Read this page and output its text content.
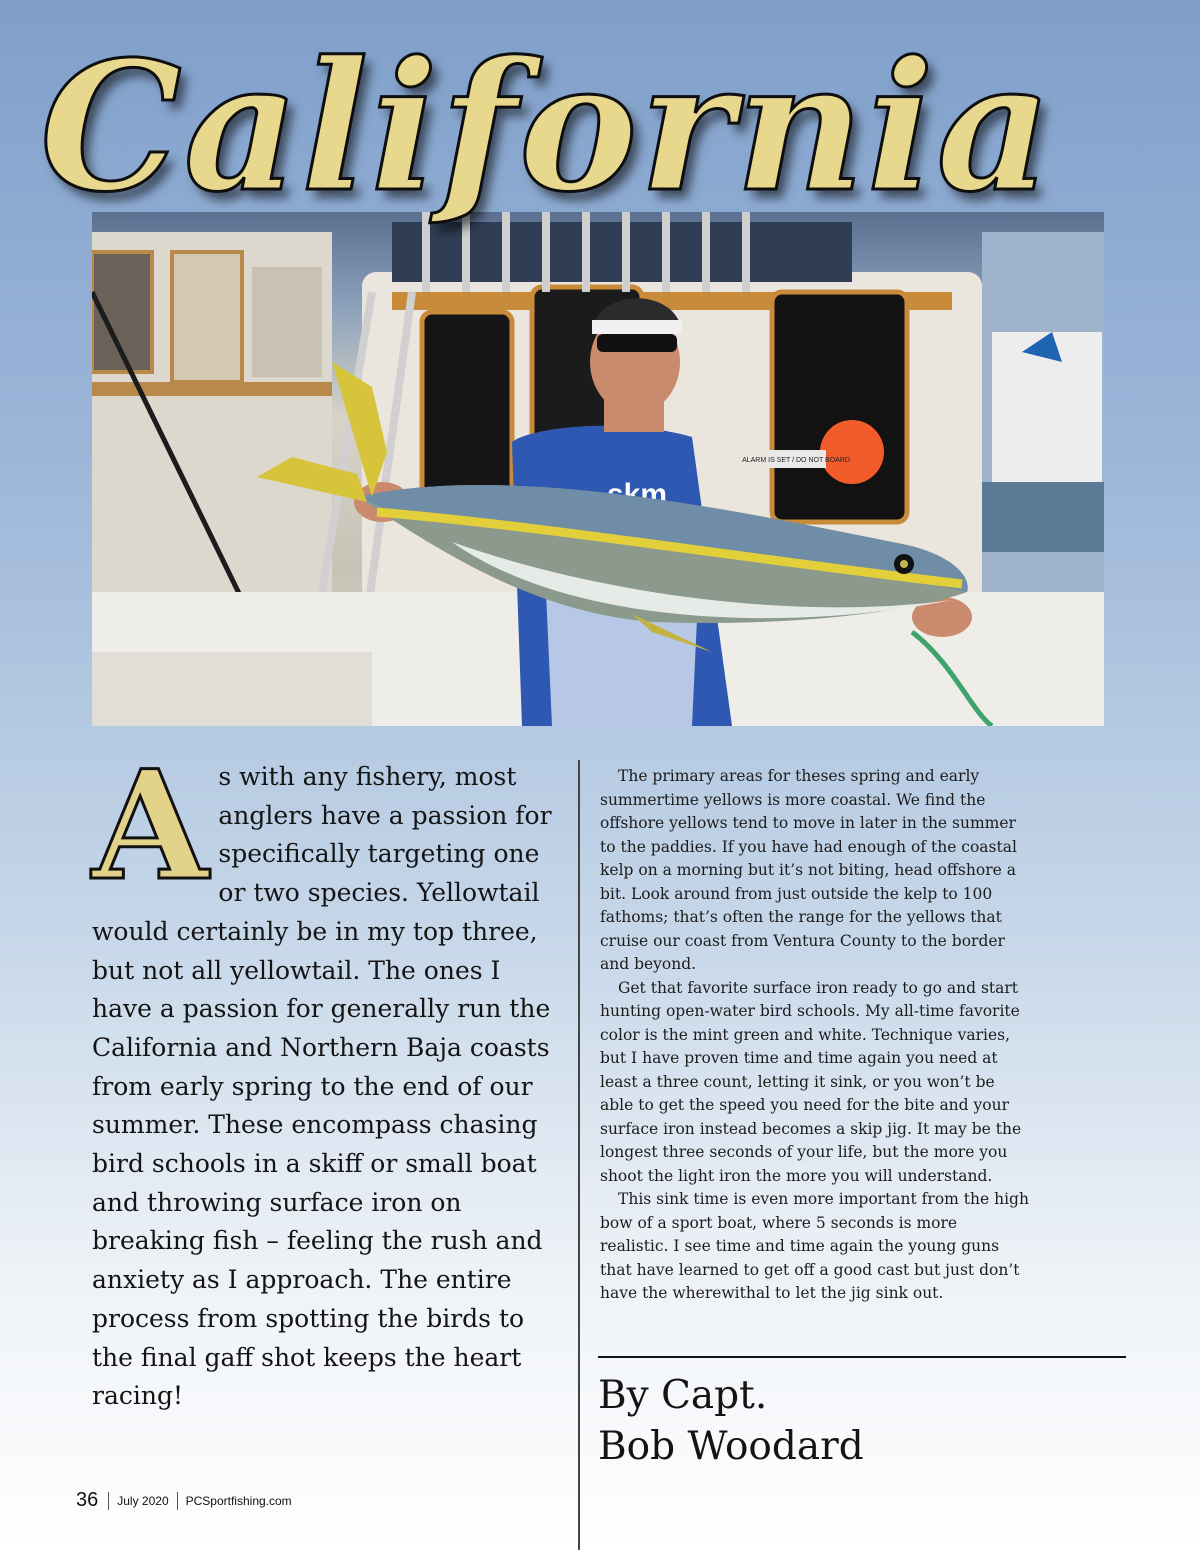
ALARM IS SET / DO NOT BOARD
skm
California

As with any fishery, most anglers have a passion for specifically targeting one or two species. Yellowtail would certainly be in my top three, but not all yellowtail. The ones I have a passion for generally run the California and Northern Baja coasts from early spring to the end of our summer. These encompass chasing bird schools in a skiff or small boat and throwing surface iron on breaking fish – feeling the rush and anxiety as I approach. The entire process from spotting the birds to the final gaff shot keeps the heart racing!

The primary areas for theses spring and early summertime yellows is more coastal. We find the offshore yellows tend to move in later in the summer to the paddies. If you have had enough of the coastal kelp on a morning but it’s not biting, head offshore a bit. Look around from just outside the kelp to 100 fathoms; that’s often the range for the yellows that cruise our coast from Ventura County to the border and beyond.

Get that favorite surface iron ready to go and start hunting open-water bird schools. My all-time favorite color is the mint green and white. Technique varies, but I have proven time and time again you need at least a three count, letting it sink, or you won’t be able to get the speed you need for the bite and your surface iron instead becomes a skip jig. It may be the longest three seconds of your life, but the more you shoot the light iron the more you will understand.

This sink time is even more important from the high bow of a sport boat, where 5 seconds is more realistic. I see time and time again the young guns that have learned to get off a good cast but just don’t have the wherewithal to let the jig sink out.

By Capt.
Bob Woodard
36 July 2020 PCSportfishing.com
